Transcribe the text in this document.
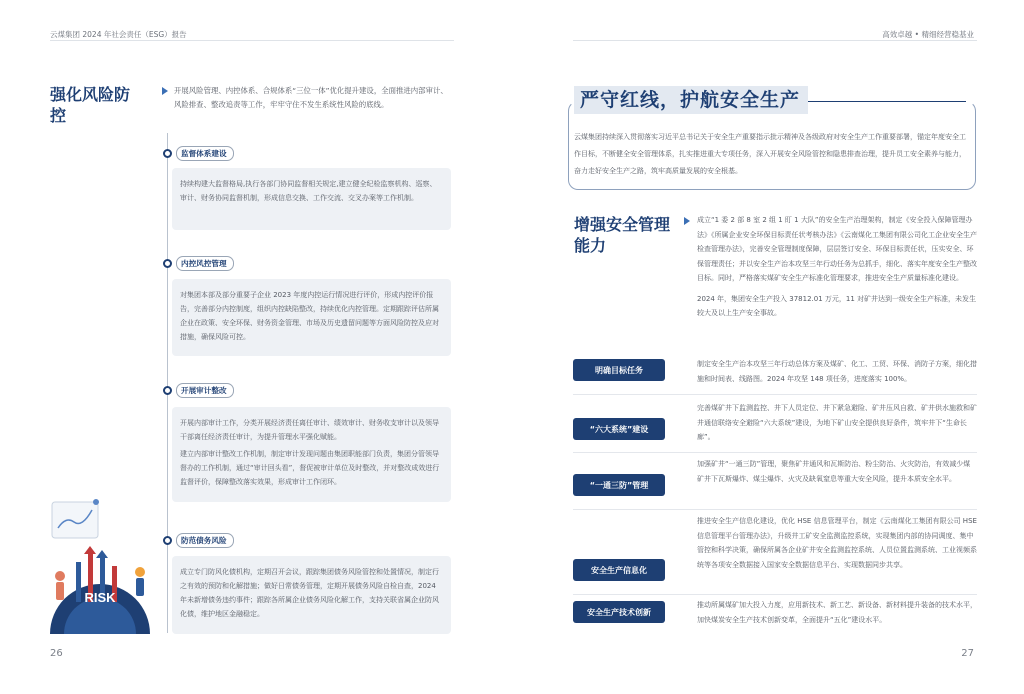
云煤集团 2024 年社会责任（ESG）报告	高效卓越 • 精细经营稳基业
强化风险防控
开展风险管理、内控体系、合规体系“三位一体”优化提升建设，全面推进内部审计、风险排查、整改追责等工作，牢牢守住不发生系统性风险的底线。
监督体系建设

持续构建大监督格局,执行各部门协同监督相关规定,建立健全纪检监察机构、巡察、审计、财务协同监督机制，形成信息交换、工作交流、交叉办案等工作机制。

内控风控管理

对集团本部及部分重要子企业 2023 年度内控运行情况进行评价，形成内控评价报告，完善部分内控制度，组织内控缺陷整改，持续优化内控管理。定期跟踪评估所属企业在政策、安全环保、财务资金管理、市场及历史遗留问题等方面风险防控及应对措施，确保风险可控。

开展审计整改

开展内部审计工作，分类开展经济责任离任审计、绩效审计、财务收支审计以及领导干部离任经济责任审计，为提升管理水平强化赋能。

建立内部审计整改工作机制，制定审计发现问题由集团职能部门负责，集团分管领导督办的工作机制，通过“审计回头看”，督促被审计单位及时整改，并对整改成效进行监督评价，保障整改落实效果，形成审计工作闭环。

防范债务风险

成立专门防风化债机构，定期召开会议，跟踪集团债务风险管控和处置情况，制定行之有效的预防和化解措施；做好日常债务管理，定期开展债务风险自检自查，2024 年未新增债务违约事件；跟踪各所属企业债务风险化解工作，支持关联省属企业防风化债，维护地区金融稳定。

RISK
26
严守红线，护航安全生产
云煤集团持续深入贯彻落实习近平总书记关于安全生产重要指示批示精神及各级政府对安全生产工作重要部署，锚定年度安全工作目标，不断健全安全管理体系，扎实推进重大专项任务，深入开展安全风险管控和隐患排查治理，提升员工安全素养与能力，奋力走好安全生产之路，筑牢高质量发展的安全根基。
增强安全管理能力

成立“1 委 2 部 8 室 2 组 1 盯 1 大队”的安全生产治理架构，制定《安全投入保障管理办法》《所属企业安全环保目标责任状考核办法》《云南煤化工集团有限公司化工企业安全生产检查管理办法》，完善安全管理制度保障，层层签订安全、环保目标责任状，压实安全、环保管理责任；并以安全生产治本攻坚三年行动任务为总抓手，细化、落实年度安全生产整改目标。同时，严格落实煤矿安全生产标准化管理要求，推进安全生产质量标准化建设。

2024 年，集团安全生产投入 37812.01 万元，11 对矿井达到一级安全生产标准，未发生较大及以上生产安全事故。

明确目标任务
制定安全生产治本攻坚三年行动总体方案及煤矿、化工、工贸、环保、消防子方案，细化措施和时间表、线路图。2024 年攻坚 148 项任务，进度落实 100%。
“六大系统”建设
完善煤矿井下监测监控、井下人员定位、井下紧急避险、矿井压风自救、矿井供水施救和矿井通信联络安全避险“六大系统”建设，为地下矿山安全提供良好条件，筑牢井下“生命长廊”。
“一通三防”管理
加强矿井“一通三防”管理，聚焦矿井通风和瓦斯防治、粉尘防治、火灾防治，有效减少煤矿井下瓦斯爆炸、煤尘爆炸、火灾及缺氧窒息等重大安全风险，提升本质安全水平。
安全生产信息化
推进安全生产信息化建设，优化 HSE 信息管理平台，制定《云南煤化工集团有限公司 HSE 信息管理平台管理办法》，升级井工矿安全监测监控系统，实现集团内部的协同调度、集中管控和科学决策，确保所属各企业矿井安全监测监控系统、人员位置监测系统、工业视频系统等各项安全数据接入国家安全数据信息平台、实现数据同步共享。
安全生产技术创新
推动所属煤矿加大投入力度，应用新技术、新工艺、新设备、新材料提升装备的技术水平，加快煤炭安全生产技术创新变革，全面提升“五化”建设水平。
27
